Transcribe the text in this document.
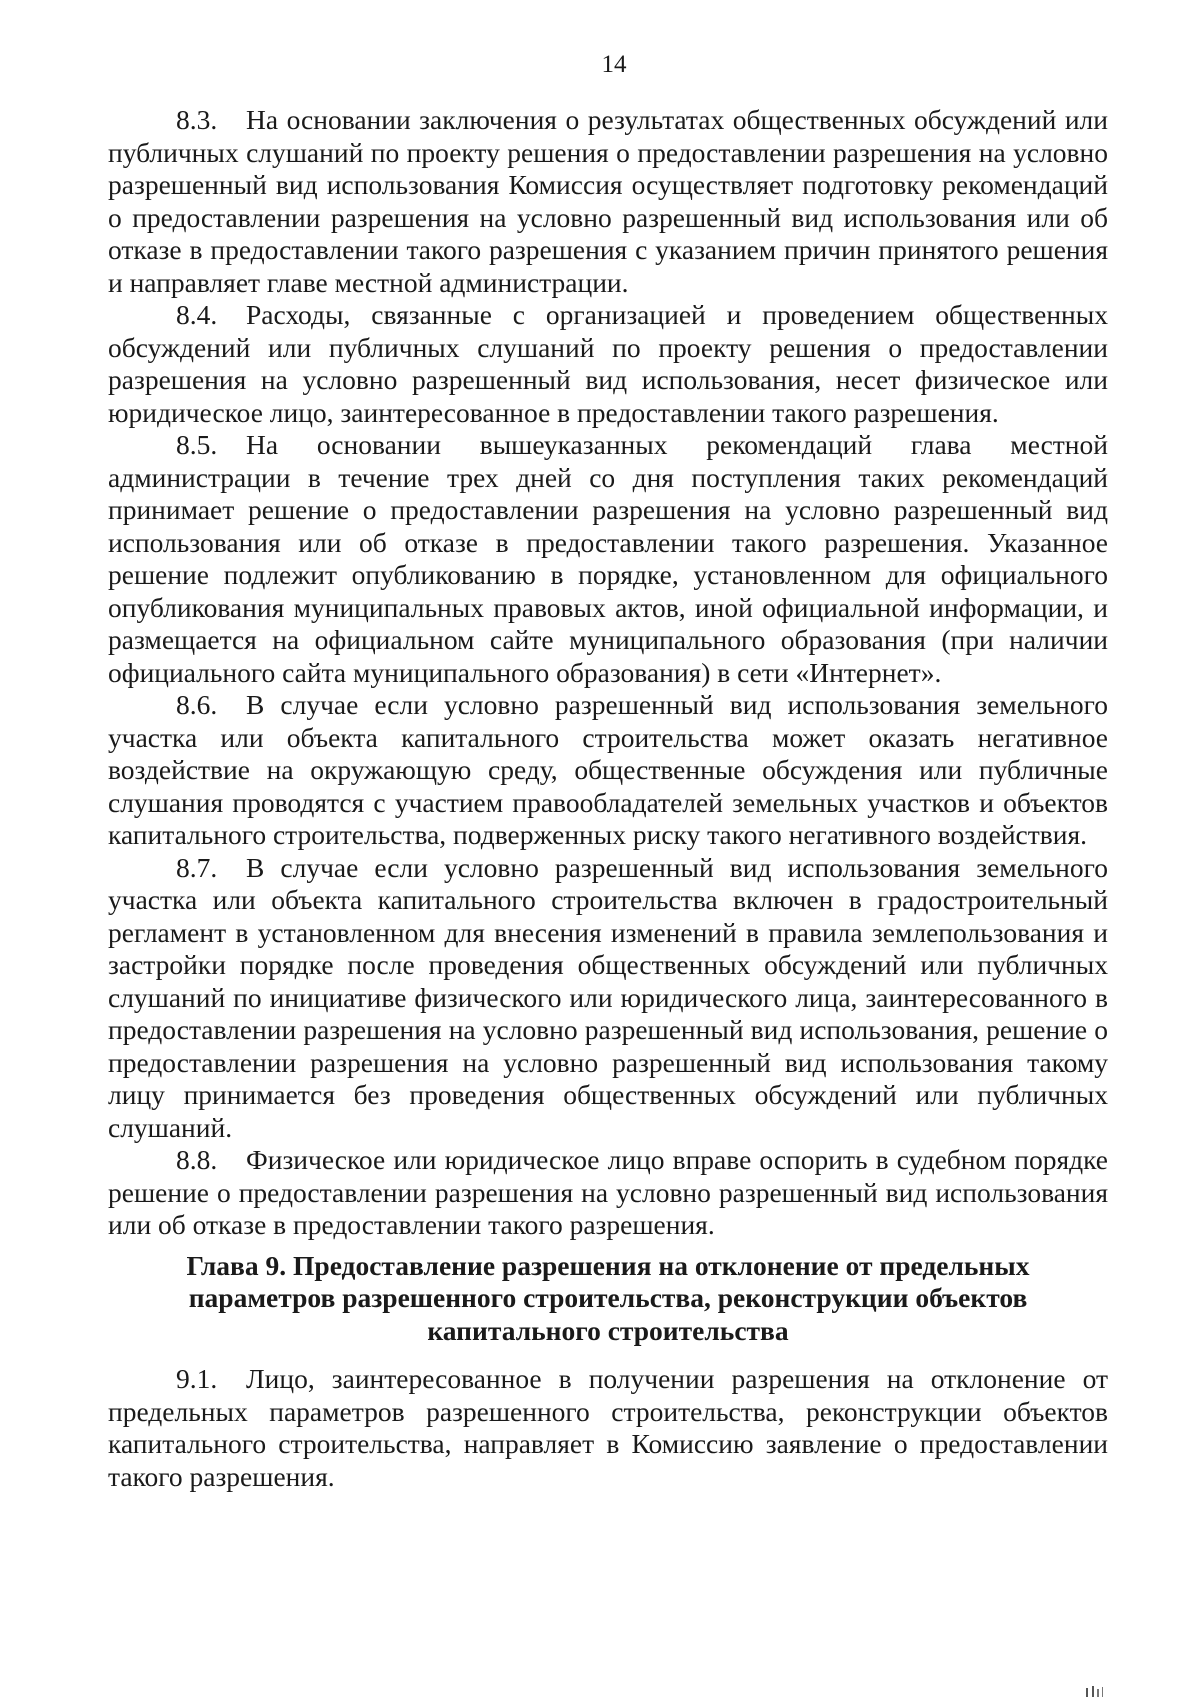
14

8.3. На основании заключения о результатах общественных обсуждений или публичных слушаний по проекту решения о предоставлении разрешения на условно разрешенный вид использования Комиссия осуществляет подготовку рекомендаций о предоставлении разрешения на условно разрешенный вид использования или об отказе в предоставлении такого разрешения с указанием причин принятого решения и направляет главе местной администрации.

8.4. Расходы, связанные с организацией и проведением общественных обсуждений или публичных слушаний по проекту решения о предоставлении разрешения на условно разрешенный вид использования, несет физическое или юридическое лицо, заинтересованное в предоставлении такого разрешения.

8.5. На основании вышеуказанных рекомендаций глава местной администрации в течение трех дней со дня поступления таких рекомендаций принимает решение о предоставлении разрешения на условно разрешенный вид использования или об отказе в предоставлении такого разрешения. Указанное решение подлежит опубликованию в порядке, установленном для официального опубликования муниципальных правовых актов, иной официальной информации, и размещается на официальном сайте муниципального образования (при наличии официального сайта муниципального образования) в сети «Интернет».

8.6. В случае если условно разрешенный вид использования земельного участка или объекта капитального строительства может оказать негативное воздействие на окружающую среду, общественные обсуждения или публичные слушания проводятся с участием правообладателей земельных участков и объектов капитального строительства, подверженных риску такого негативного воздействия.

8.7. В случае если условно разрешенный вид использования земельного участка или объекта капитального строительства включен в градостроительный регламент в установленном для внесения изменений в правила землепользования и застройки порядке после проведения общественных обсуждений или публичных слушаний по инициативе физического или юридического лица, заинтересованного в предоставлении разрешения на условно разрешенный вид использования, решение о предоставлении разрешения на условно разрешенный вид использования такому лицу принимается без проведения общественных обсуждений или публичных слушаний.

8.8. Физическое или юридическое лицо вправе оспорить в судебном порядке решение о предоставлении разрешения на условно разрешенный вид использования или об отказе в предоставлении такого разрешения.

Глава 9. Предоставление разрешения на отклонение от предельных
параметров разрешенного строительства, реконструкции объектов
капитального строительства

9.1. Лицо, заинтересованное в получении разрешения на отклонение от предельных параметров разрешенного строительства, реконструкции объектов капитального строительства, направляет в Комиссию заявление о предоставлении такого разрешения.
